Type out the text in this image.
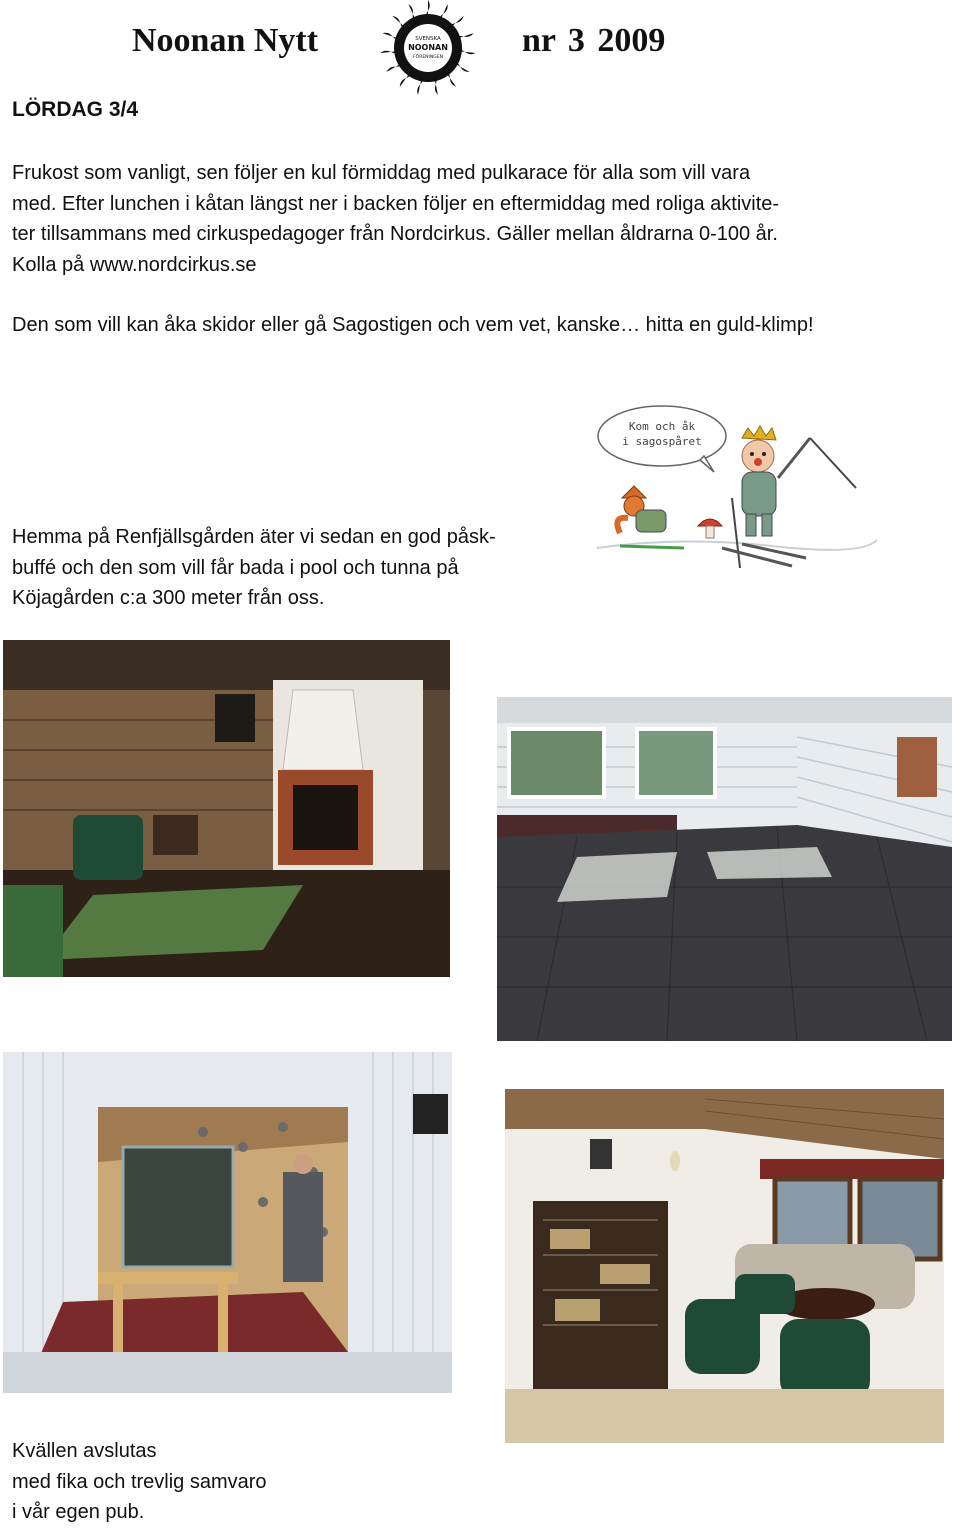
Noonan Nytt	SVENSKA
NOONAN
FÖRENINGEN nr 3 2009
LÖRDAG 3/4
Frukost som vanligt, sen följer en kul förmiddag med pulkarace för alla som vill vara
med. Efter lunchen i kåtan längst ner i backen följer en eftermiddag med roliga aktivite-
ter tillsammans med cirkuspedagoger från Nordcirkus. Gäller mellan åldrarna 0-100 år.
Kolla på www.nordcirkus.se
Den som vill kan åka skidor eller gå Sagostigen och vem vet, kanske… hitta en guld-klimp!
Kom och åk
i sagospåret
Hemma på Renfjällsgården äter vi sedan en god påsk-
buffé och den som vill får bada i pool och tunna på
Köjagården c:a 300 meter från oss.
Kvällen avslutas
med fika och trevlig samvaro
i vår egen pub.
